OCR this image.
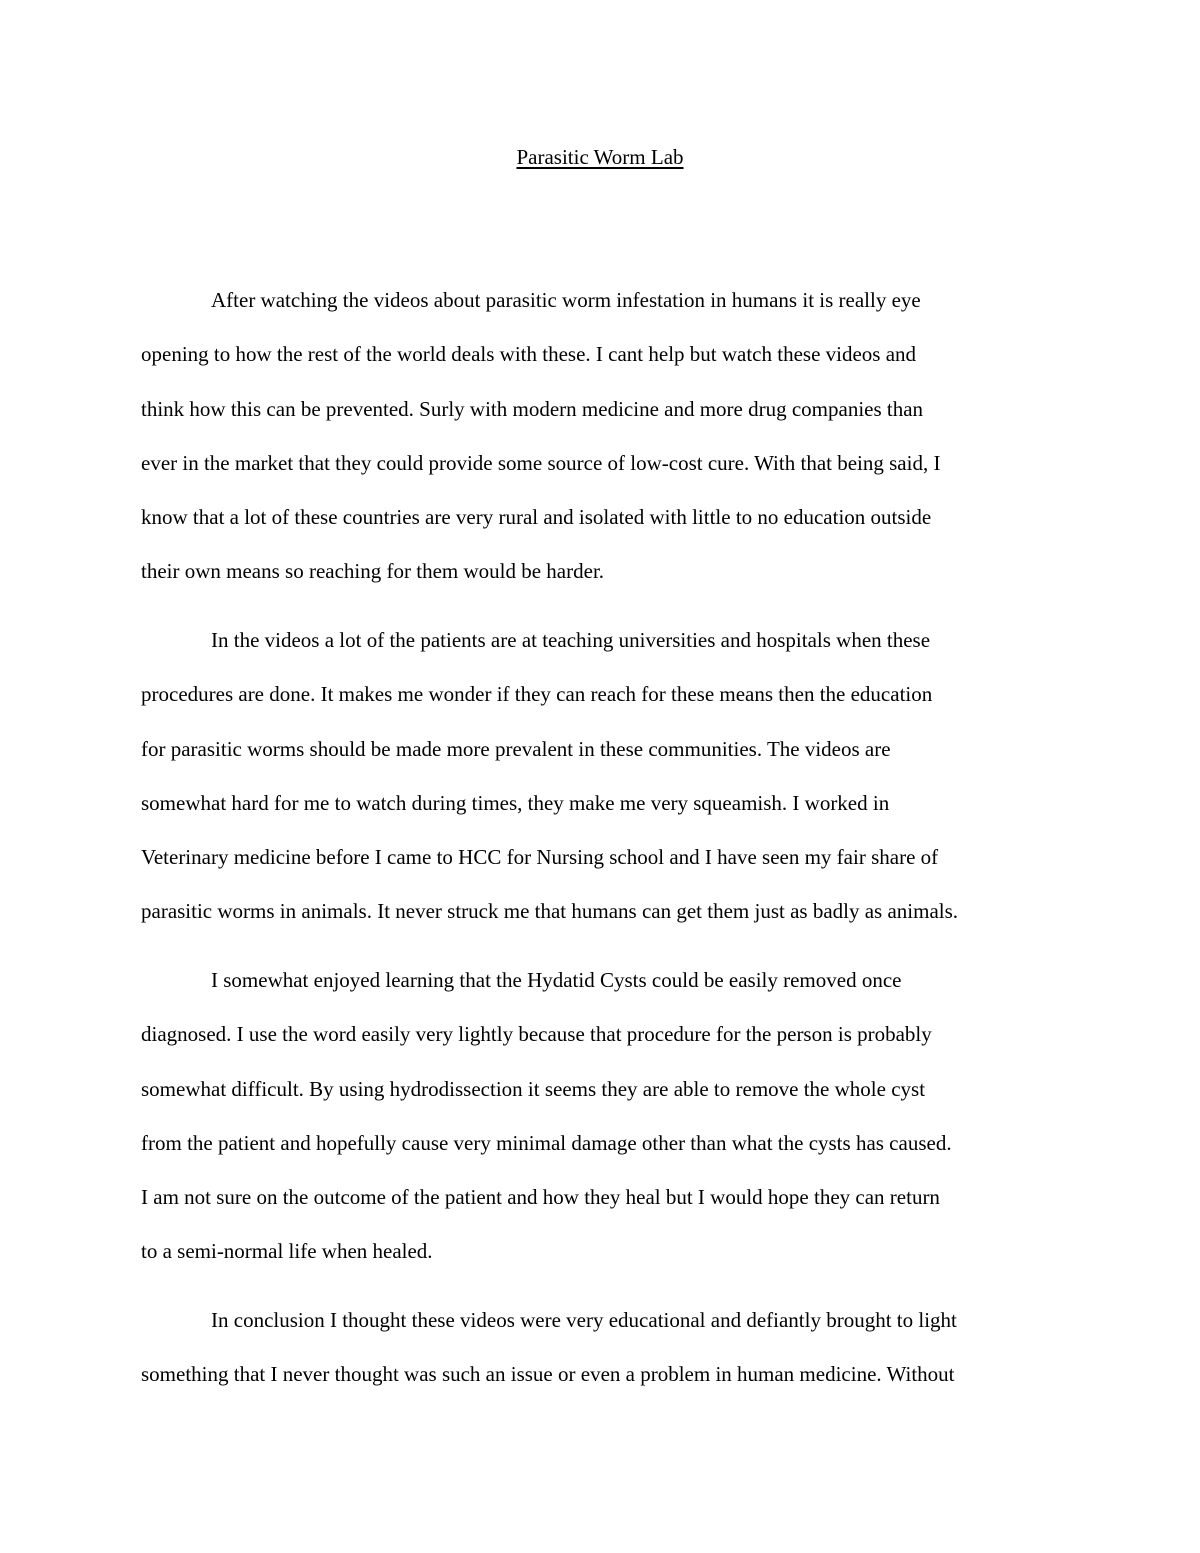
Parasitic Worm Lab

After watching the videos about parasitic worm infestation in humans it is really eye
opening to how the rest of the world deals with these. I cant help but watch these videos and
think how this can be prevented. Surly with modern medicine and more drug companies than
ever in the market that they could provide some source of low-cost cure. With that being said, I
know that a lot of these countries are very rural and isolated with little to no education outside
their own means so reaching for them would be harder.

In the videos a lot of the patients are at teaching universities and hospitals when these
procedures are done. It makes me wonder if they can reach for these means then the education
for parasitic worms should be made more prevalent in these communities. The videos are
somewhat hard for me to watch during times, they make me very squeamish. I worked in
Veterinary medicine before I came to HCC for Nursing school and I have seen my fair share of
parasitic worms in animals. It never struck me that humans can get them just as badly as animals.

I somewhat enjoyed learning that the Hydatid Cysts could be easily removed once
diagnosed. I use the word easily very lightly because that procedure for the person is probably
somewhat difficult. By using hydrodissection it seems they are able to remove the whole cyst
from the patient and hopefully cause very minimal damage other than what the cysts has caused.
I am not sure on the outcome of the patient and how they heal but I would hope they can return
to a semi-normal life when healed.

In conclusion I thought these videos were very educational and defiantly brought to light
something that I never thought was such an issue or even a problem in human medicine. Without
